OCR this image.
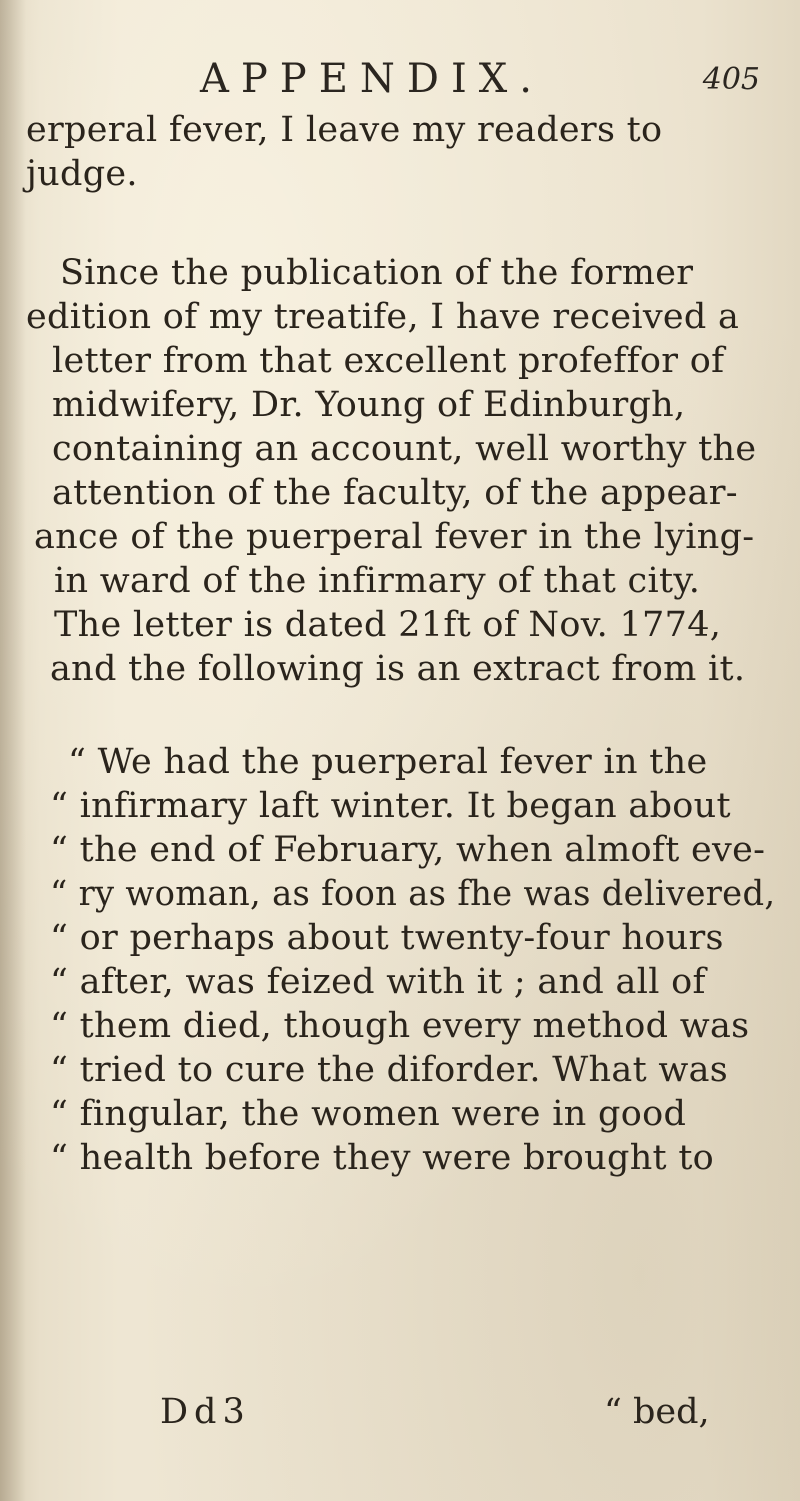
APPENDIX.	405
erperal fever, I leave my readers to
judge.
Since the publication of the former
edition of my treatife, I have received a
letter from that excellent profeffor of
midwifery, Dr. Young of Edinburgh,
containing an account, well worthy the
attention of the faculty, of the appear-
ance of the puerperal fever in the lying-
in ward of the infirmary of that city.
The letter is dated 21ft of Nov. 1774,
and the following is an extract from it.
“ We had the puerperal fever in the
“ infirmary laft winter. It began about
“ the end of February, when almoft eve-
“ ry woman, as foon as fhe was delivered,
“ or perhaps about twenty-four hours
“ after, was feized with it ; and all of
“ them died, though every method was
“ tried to cure the diforder. What was
“ fingular, the women were in good
“ health before they were brought to
Dd3	“ bed,
